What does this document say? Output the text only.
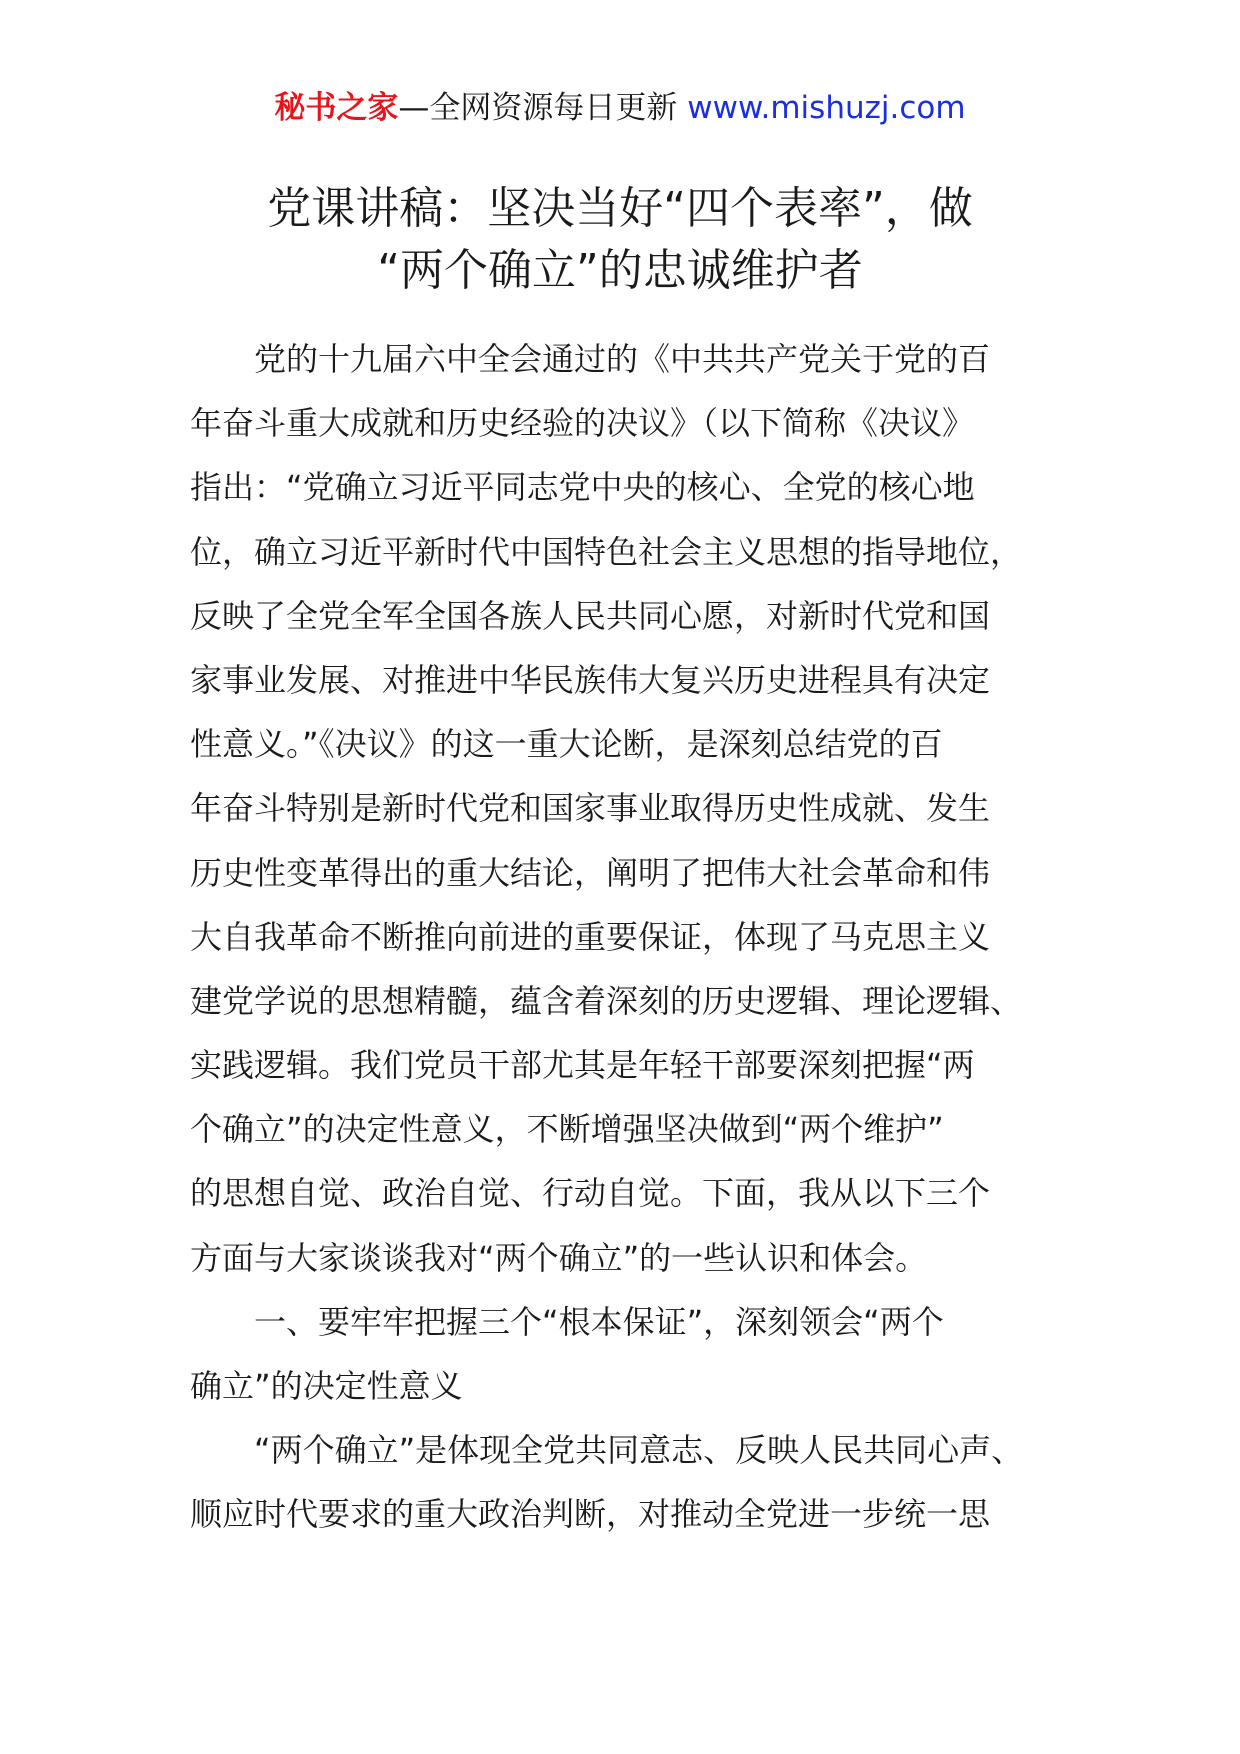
秘书之家—全网资源每日更新 www.mishuzj.com
党课讲稿：坚决当好“四个表率”，做
“两个确立”的忠诚维护者
党的十九届六中全会通过的《中共共产党关于党的百
年奋斗重大成就和历史经验的决议》（以下简称《决议》
指出：“党确立习近平同志党中央的核心、全党的核心地
位，确立习近平新时代中国特色社会主义思想的指导地位，
反映了全党全军全国各族人民共同心愿，对新时代党和国
家事业发展、对推进中华民族伟大复兴历史进程具有决定
性意义。”《决议》的这一重大论断，是深刻总结党的百
年奋斗特别是新时代党和国家事业取得历史性成就、发生
历史性变革得出的重大结论，阐明了把伟大社会革命和伟
大自我革命不断推向前进的重要保证，体现了马克思主义
建党学说的思想精髓，蕴含着深刻的历史逻辑、理论逻辑、
实践逻辑。我们党员干部尤其是年轻干部要深刻把握“两
个确立”的决定性意义，不断增强坚决做到“两个维护”
的思想自觉、政治自觉、行动自觉。下面，我从以下三个
方面与大家谈谈我对“两个确立”的一些认识和体会。
一、要牢牢把握三个“根本保证”，深刻领会“两个
确立”的决定性意义
“两个确立”是体现全党共同意志、反映人民共同心声、
顺应时代要求的重大政治判断，对推动全党进一步统一思
